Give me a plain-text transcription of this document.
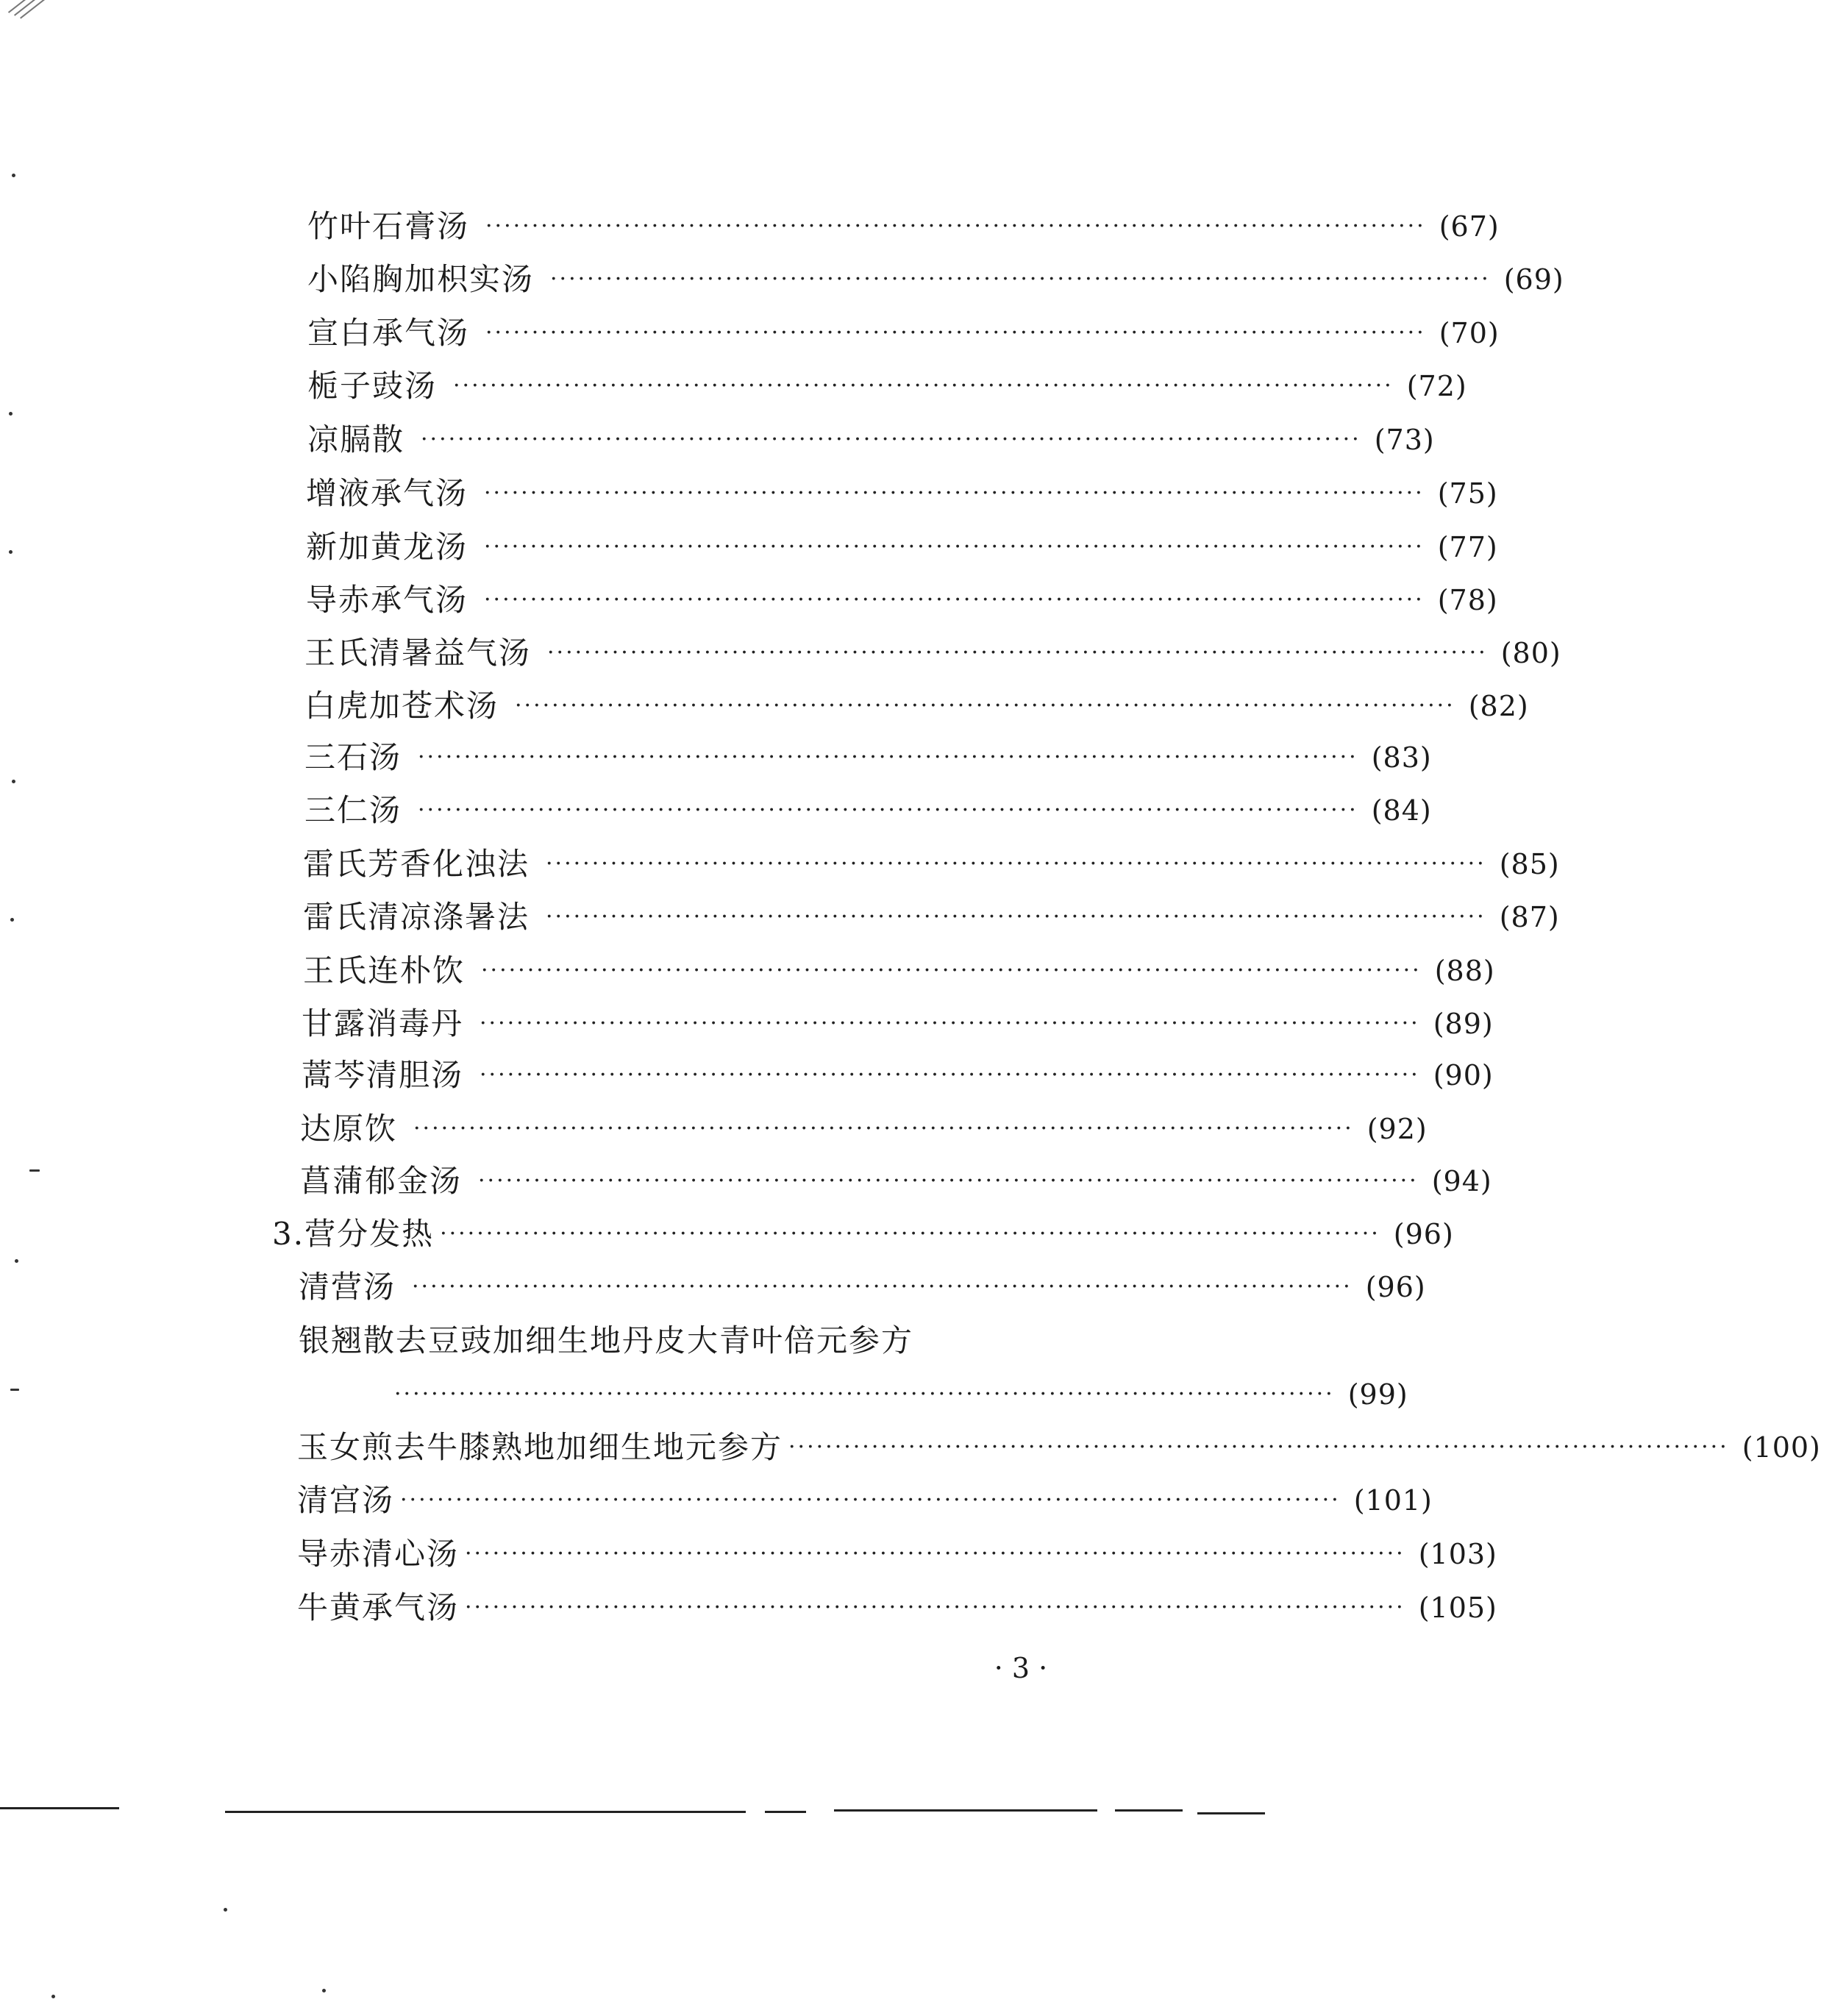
竹叶石膏汤 ······································································································ (67)
小陷胸加枳实汤 ······································································································ (69)
宣白承气汤 ······································································································ (70)
栀子豉汤 ······································································································ (72)
凉膈散 ······································································································ (73)
增液承气汤 ······································································································ (75)
新加黄龙汤 ······································································································ (77)
导赤承气汤 ······································································································ (78)
王氏清暑益气汤 ······································································································ (80)
白虎加苍术汤 ······································································································ (82)
三石汤 ······································································································ (83)
三仁汤 ······································································································ (84)
雷氏芳香化浊法 ······································································································ (85)
雷氏清凉涤暑法 ······································································································ (87)
王氏连朴饮 ······································································································ (88)
甘露消毒丹 ······································································································ (89)
蒿芩清胆汤 ······································································································ (90)
达原饮 ······································································································ (92)
菖蒲郁金汤 ······································································································ (94)
3.营分发热 ······································································································ (96)
清营汤 ······································································································ (96)
银翘散去豆豉加细生地丹皮大青叶倍元参方
······································································································ (99)
玉女煎去牛膝熟地加细生地元参方 ······································································································ (100)
清宫汤 ······································································································ (101)
导赤清心汤 ······································································································ (103)
牛黄承气汤 ······································································································ (105)
· 3 ·
